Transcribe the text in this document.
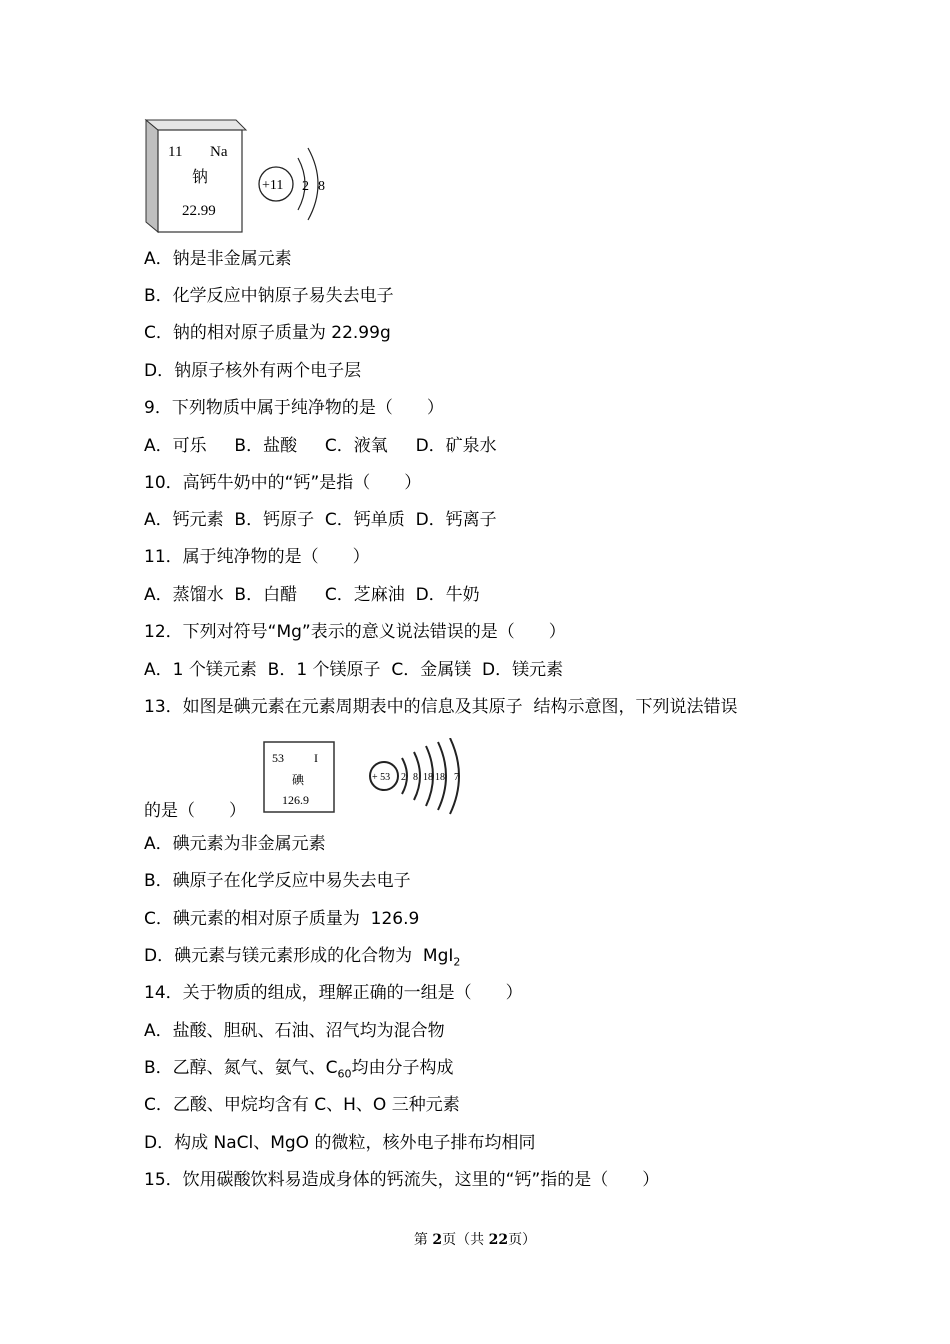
11 Na
钠
22.99
+11 2 8
A．钠是非金属元素
B．化学反应中钠原子易失去电子
C．钠的相对原子质量为 22.99g
D．钠原子核外有两个电子层
9．下列物质中属于纯净物的是（　　）
A．可乐　  B．盐酸　  C．液氧　  D．矿泉水
10．高钙牛奶中的“钙”是指（　　）
A．钙元素  B．钙原子  C．钙单质  D．钙离子
11．属于纯净物的是（　　）
A．蒸馏水  B．白醋　  C．芝麻油  D．牛奶
12．下列对符号“Mg”表示的意义说法错误的是（　　）
A．1 个镁元素  B．1 个镁原子  C．金属镁  D．镁元素
13．如图是碘元素在元素周期表中的信息及其原子  结构示意图，下列说法错误
53	I
碘
126.9
+ 53 2 8 18 18 7
的是（　　）
A．碘元素为非金属元素
B．碘原子在化学反应中易失去电子
C．碘元素的相对原子质量为  126.9
D．碘元素与镁元素形成的化合物为  MgI$_2$
14．关于物质的组成，理解正确的一组是（　　）
A．盐酸、胆矾、石油、沼气均为混合物
B．乙醇、氮气、氨气、$C_{60}$均由分子构成
C．乙酸、甲烷均含有 C、H、O 三种元素
D．构成 NaCl、MgO 的微粒，核外电子排布均相同
15．饮用碳酸饮料易造成身体的钙流失，这里的“钙”指的是（　　）
第 2页（共 22页）
